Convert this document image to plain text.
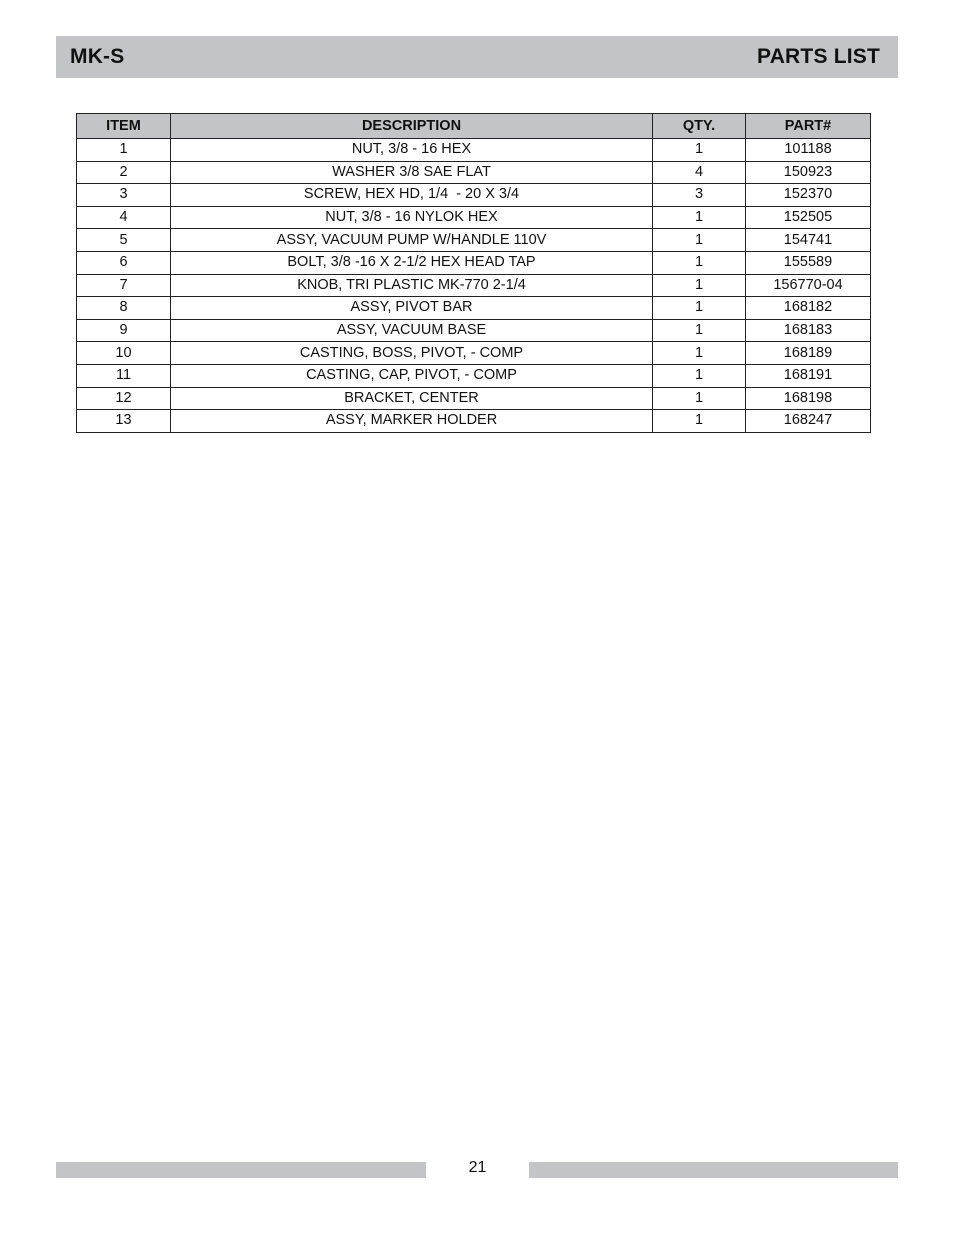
MK-S	PARTS LIST
ITEM	DESCRIPTION	QTY.	PART#
1	NUT, 3/8 - 16 HEX	1	101188
2	WASHER 3/8 SAE FLAT	4	150923
3	SCREW, HEX HD, 1/4  - 20 X 3/4	3	152370
4	NUT, 3/8 - 16 NYLOK HEX	1	152505
5	ASSY, VACUUM PUMP W/HANDLE 110V	1	154741
6	BOLT, 3/8 -16 X 2-1/2 HEX HEAD TAP	1	155589
7	KNOB, TRI PLASTIC MK-770 2-1/4	1	156770-04
8	ASSY, PIVOT BAR	1	168182
9	ASSY, VACUUM BASE	1	168183
10	CASTING, BOSS, PIVOT, - COMP	1	168189
11	CASTING, CAP, PIVOT, - COMP	1	168191
12	BRACKET, CENTER	1	168198
13	ASSY, MARKER HOLDER	1	168247
21
